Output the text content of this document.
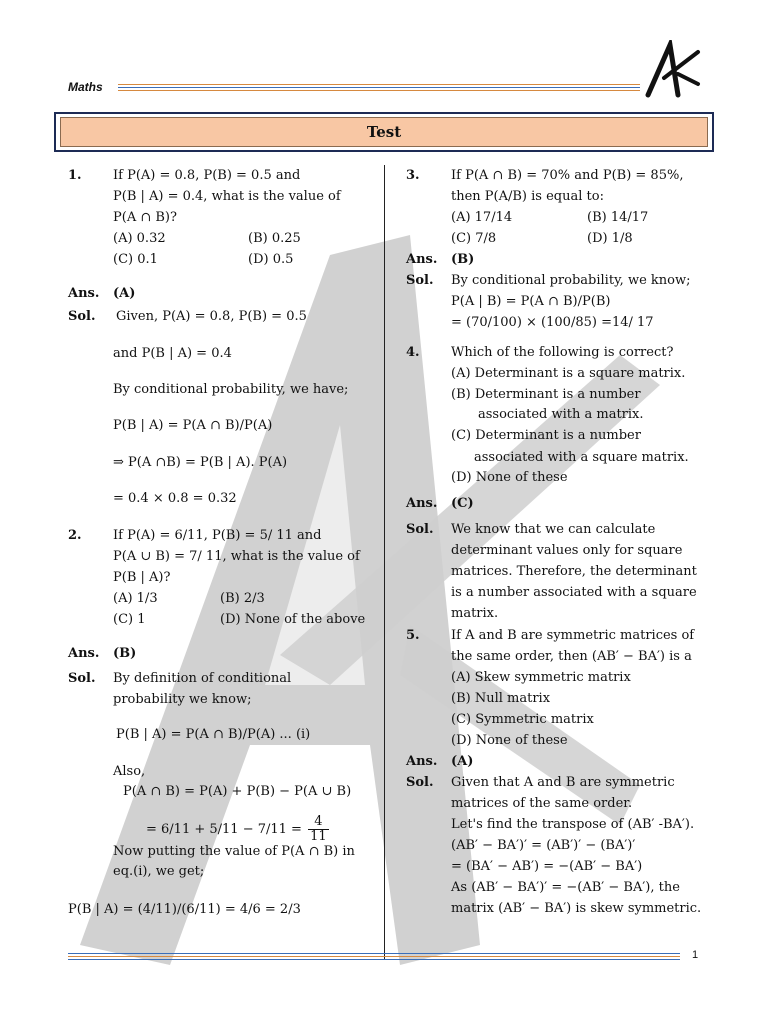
Maths
Test
1. If P(A) = 0.8, P(B) = 0.5 and
P(B | A) = 0.4, what is the value of
P(A ∩ B)?
(A) 0.32	(B) 0.25
(C) 0.1	(D) 0.5
Ans. (A)
Sol. Given, P(A) = 0.8, P(B) = 0.5
and P(B | A) = 0.4
By conditional probability, we have;
P(B | A) = P(A ∩ B)/P(A)
⇒ P(A ∩B) = P(B | A). P(A)
= 0.4 × 0.8 = 0.32
2. If P(A) = 6/11, P(B) = 5/ 11 and
P(A ∪ B) = 7/ 11, what is the value of
P(B | A)?
(A) 1/3	(B) 2/3
(C) 1	(D) None of the above
Ans. (B)
Sol. By definition of conditional
probability we know;
P(B | A) = P(A ∩ B)/P(A) ... (i)
Also,
P(A ∩ B) = P(A) + P(B) − P(A ∪ B)
= $6/11 + 5/11 - 7/11 = \frac{4}{11}$
Now putting the value of P(A ∩ B) in
eq.(i), we get;
P(B | A) = (4/11)/(6/11) = 4/6 = 2/3
3. If P(A ∩ B) = 70% and P(B) = 85%,
then P(A/B) is equal to:
(A) 17/14	(B) 14/17
(C) 7/8	(D) 1/8
Ans. (B)
Sol. By conditional probability, we know;
P(A | B) = P(A ∩ B)/P(B)
= (70/100) × (100/85) =14/ 17
4. Which of the following is correct?
(A) Determinant is a square matrix.
(B) Determinant is a number
associated with a matrix.
(C) Determinant is a number
associated with a square matrix.
(D) None of these
Ans. (C)
Sol. We know that we can calculate
determinant values only for square
matrices. Therefore, the determinant
is a number associated with a square
matrix.
5. If A and B are symmetric matrices of
the same order, then (AB′ − BA′) is a
(A) Skew symmetric matrix
(B) Null matrix
(C) Symmetric matrix
(D) None of these
Ans. (A)
Sol. Given that A and B are symmetric
matrices of the same order.
Let's find the transpose of (AB′ -BA′).
(AB′ − BA′)′ = (AB′)′ − (BA′)′
= (BA′ − AB′) = −(AB′ − BA′)
As (AB′ − BA′)′ = −(AB′ − BA′), the
matrix (AB′ − BA′) is skew symmetric.
1
